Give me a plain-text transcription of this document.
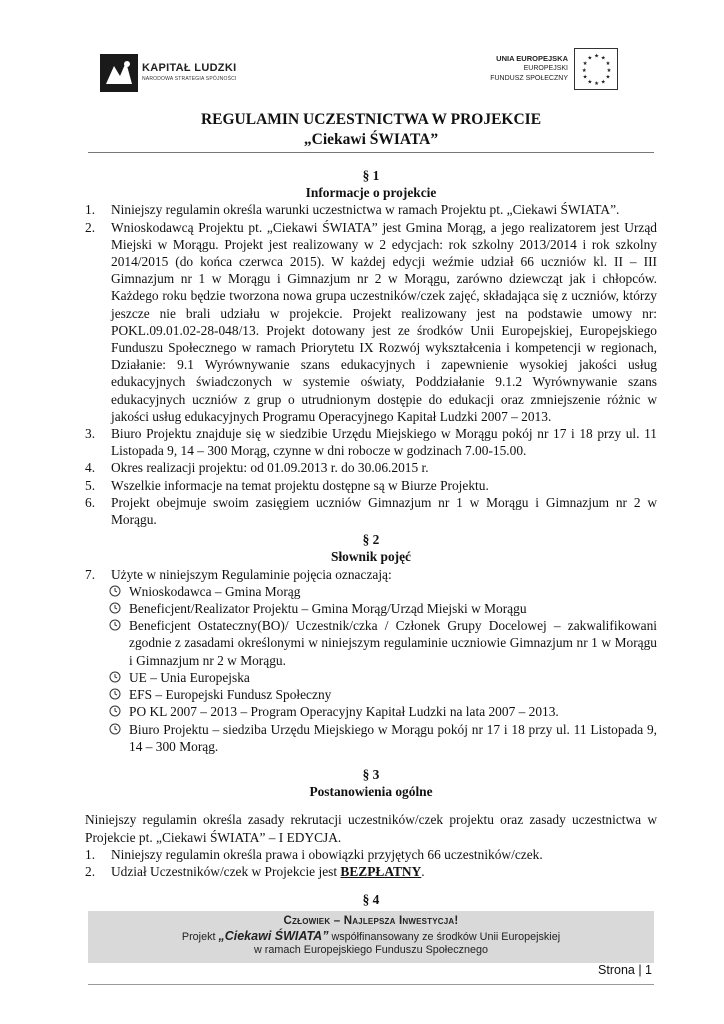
KAPITAŁ LUDZKI
NARODOWA STRATEGIA SPÓJNOŚCI
UNIA EUROPEJSKA
EUROPEJSKI
FUNDUSZ SPOŁECZNY
★ ★
★
★
★
★
★
★
★
★
★
★
REGULAMIN UCZESTNICTWA W PROJEKCIE
„Ciekawi ŚWIATA”
§ 1
Informacje o projekcie
1. Niniejszy regulamin określa warunki uczestnictwa w ramach Projektu pt. „Ciekawi ŚWIATA”.
2. Wnioskodawcą Projektu pt. „Ciekawi ŚWIATA” jest Gmina Morąg, a jego realizatorem jest Urząd Miejski w Morągu. Projekt jest realizowany w 2 edycjach: rok szkolny 2013/2014 i rok szkolny 2014/2015 (do końca czerwca 2015). W każdej edycji weźmie udział 66 uczniów kl. II – III Gimnazjum nr 1 w Morągu i Gimnazjum nr 2 w Morągu, zarówno dziewcząt jak i chłopców. Każdego roku będzie tworzona nowa grupa uczestników/czek zajęć, składająca się z uczniów, którzy jeszcze nie brali udziału w projekcie. Projekt realizowany jest na podstawie umowy nr: POKL.09.01.02-28-048/13. Projekt dotowany jest ze środków Unii Europejskiej, Europejskiego Funduszu Społecznego w ramach Priorytetu IX Rozwój wykształcenia i kompetencji w regionach, Działanie: 9.1 Wyrównywanie szans edukacyjnych i zapewnienie wysokiej jakości usług edukacyjnych świadczonych w systemie oświaty, Poddziałanie 9.1.2 Wyrównywanie szans edukacyjnych uczniów z grup o utrudnionym dostępie do edukacji oraz zmniejszenie różnic w jakości usług edukacyjnych Programu Operacyjnego Kapitał Ludzki 2007 – 2013.
3. Biuro Projektu znajduje się w siedzibie Urzędu Miejskiego w Morągu pokój nr 17 i 18 przy ul. 11 Listopada 9, 14 – 300 Morąg, czynne w dni robocze w godzinach 7.00-15.00.
4. Okres realizacji projektu: od 01.09.2013 r. do 30.06.2015 r.
5. Wszelkie informacje na temat projektu dostępne są w Biurze Projektu.
6. Projekt obejmuje swoim zasięgiem uczniów Gimnazjum nr 1 w Morągu i Gimnazjum nr 2 w Morągu.
§ 2
Słownik pojęć
7. Użyte w niniejszym Regulaminie pojęcia oznaczają:
Wnioskodawca – Gmina Morąg
Beneficjent/Realizator Projektu – Gmina Morąg/Urząd Miejski w Morągu
Beneficjent Ostateczny(BO)/ Uczestnik/czka / Członek Grupy Docelowej – zakwalifikowani zgodnie z zasadami określonymi w niniejszym regulaminie uczniowie Gimnazjum nr 1 w Morągu i Gimnazjum nr 2 w Morągu.
UE – Unia Europejska
EFS – Europejski Fundusz Społeczny
PO KL 2007 – 2013 – Program Operacyjny Kapitał Ludzki na lata 2007 – 2013.
Biuro Projektu – siedziba Urzędu Miejskiego w Morągu pokój nr 17 i 18 przy ul. 11 Listopada 9, 14 – 300 Morąg.
§ 3
Postanowienia ogólne
Niniejszy regulamin określa zasady rekrutacji uczestników/czek projektu oraz zasady uczestnictwa w Projekcie pt. „Ciekawi ŚWIATA” – I EDYCJA.
1. Niniejszy regulamin określa prawa i obowiązki przyjętych 66 uczestników/czek.
2. Udział Uczestników/czek w Projekcie jest BEZPŁATNY.
§ 4
Człowiek – Najlepsza Inwestycja!
Projekt „Ciekawi ŚWIATA” współfinansowany ze środków Unii Europejskiej
w ramach Europejskiego Funduszu Społecznego
Strona | 1
